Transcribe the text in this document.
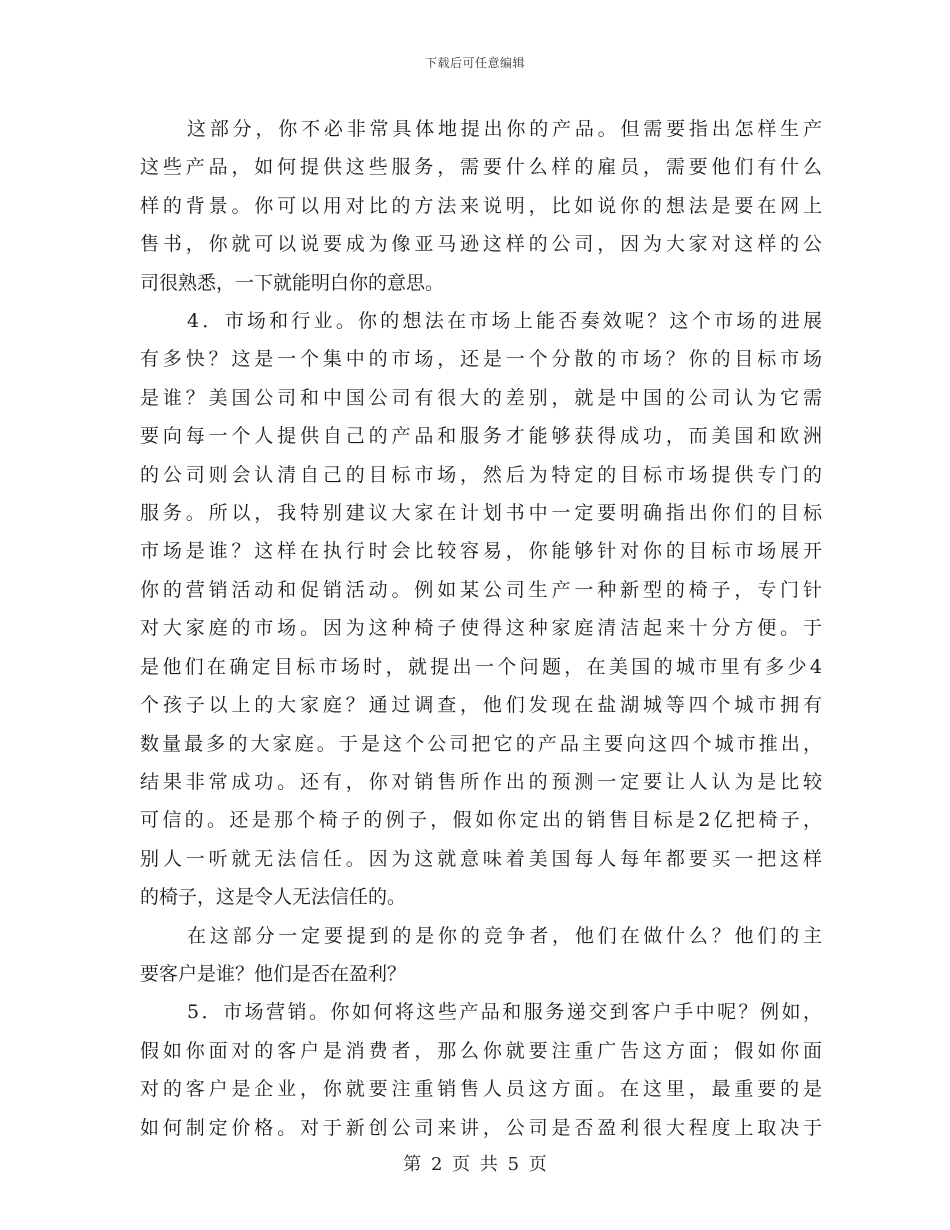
下载后可任意编辑
这部分，你不必非常具体地提出你的产品。但需要指出怎样生产
这些产品，如何提供这些服务，需要什么样的雇员，需要他们有什么
样的背景。你可以用对比的方法来说明，比如说你的想法是要在网上
售书，你就可以说要成为像亚马逊这样的公司，因为大家对这样的公
司很熟悉，一下就能明白你的意思。
4．市场和行业。你的想法在市场上能否奏效呢？这个市场的进展
有多快？这是一个集中的市场，还是一个分散的市场？你的目标市场
是谁？美国公司和中国公司有很大的差别，就是中国的公司认为它需
要向每一个人提供自己的产品和服务才能够获得成功，而美国和欧洲
的公司则会认清自己的目标市场，然后为特定的目标市场提供专门的
服务。所以，我特别建议大家在计划书中一定要明确指出你们的目标
市场是谁？这样在执行时会比较容易，你能够针对你的目标市场展开
你的营销活动和促销活动。例如某公司生产一种新型的椅子，专门针
对大家庭的市场。因为这种椅子使得这种家庭清洁起来十分方便。于
是他们在确定目标市场时，就提出一个问题，在美国的城市里有多少4
个孩子以上的大家庭？通过调查，他们发现在盐湖城等四个城市拥有
数量最多的大家庭。于是这个公司把它的产品主要向这四个城市推出，
结果非常成功。还有，你对销售所作出的预测一定要让人认为是比较
可信的。还是那个椅子的例子，假如你定出的销售目标是2亿把椅子，
别人一听就无法信任。因为这就意味着美国每人每年都要买一把这样
的椅子，这是令人无法信任的。
在这部分一定要提到的是你的竞争者，他们在做什么？他们的主
要客户是谁？他们是否在盈利？
5．市场营销。你如何将这些产品和服务递交到客户手中呢？例如，
假如你面对的客户是消费者，那么你就要注重广告这方面；假如你面
对的客户是企业，你就要注重销售人员这方面。在这里，最重要的是
如何制定价格。对于新创公司来讲，公司是否盈利很大程度上取决于
第 2 页 共 5 页
